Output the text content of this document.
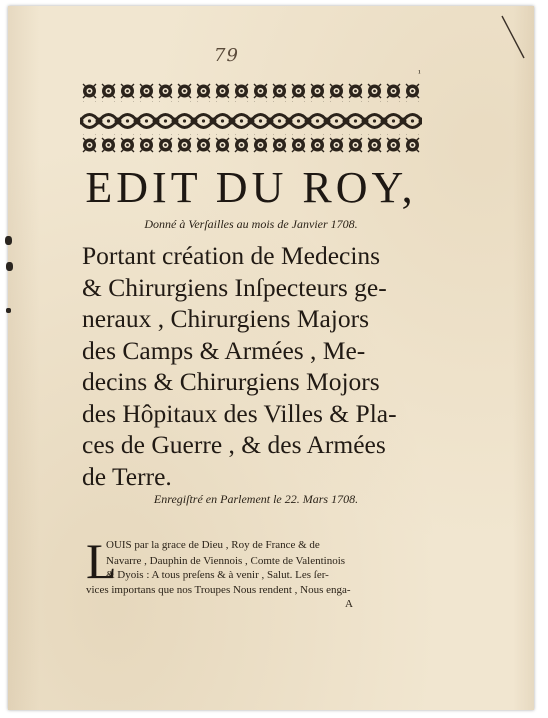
79
¹
EDIT DU ROY,
Donné à Verſailles au mois de Janvier 1708.
Portant création de Medecins
& Chirurgiens Inſpecteurs ge-
neraux , Chirurgiens Majors
des Camps & Armées , Me-
decins & Chirurgiens Mojors
des Hôpitaux des Villes & Pla-
ces de Guerre , & des Armées
de Terre.
Enregiſtré en Parlement le 22. Mars 1708.
L
OUIS par la grace de Dieu , Roy de France & de
Navarre , Dauphin de Viennois , Comte de Valentinois
& Dyois : A tous preſens & à venir , Salut. Les ſer-
vices importans que nos Troupes Nous rendent , Nous enga-
A
